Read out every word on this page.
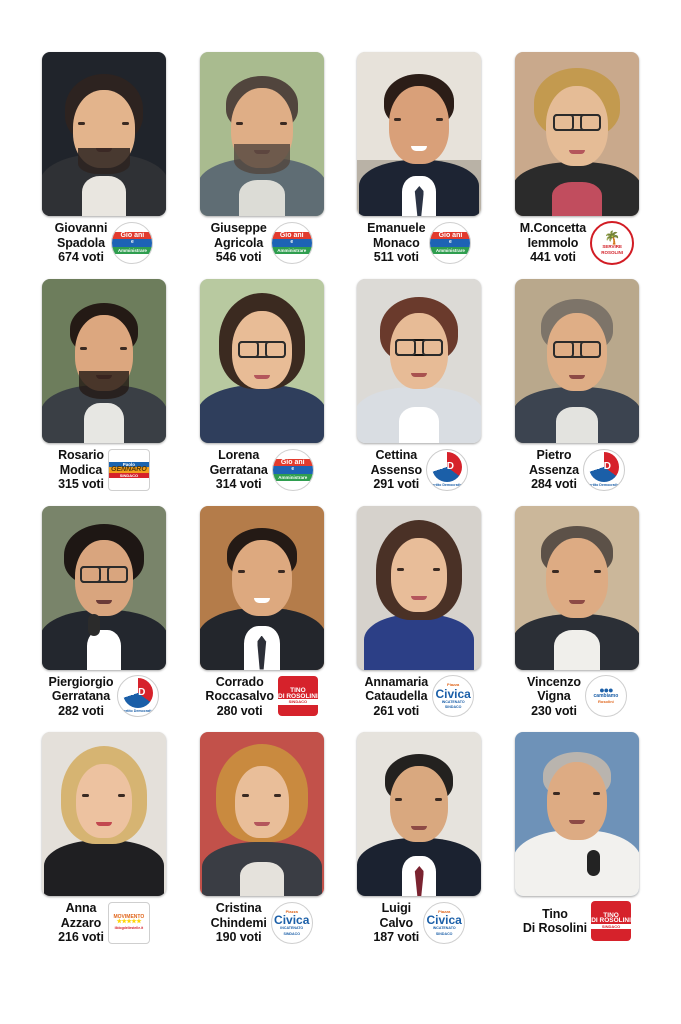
Giovanni
Spadola
674 voti
Gio ani
e
Amministrare
Giuseppe
Agricola
546 voti
Gio ani
e
Amministrare
Emanuele
Monaco
511 voti
Gio ani
e
Amministrare
M.Concetta
Iemmolo
441 voti
🌴
SERVIRE
ROSOLINI
Rosario
Modica
315 voti
Paolo
GENNARO
SINDACO
Lorena
Gerratana
314 voti
Gio ani
e
Amministrare
Cettina
Assenso
291 voti
PD
Partito Democratico
Pietro
Assenza
284 voti
PD
Partito Democratico
Piergiorgio
Gerratana
282 voti
PD
Partito Democratico
Corrado
Roccasalvo
280 voti
TINO
DI ROSOLINI
SINDACO
Annamaria
Cataudella
261 voti
Piazza
Civica
INCATENATO SINDACO
Vincenzo
Vigna
230 voti
●●●
cambiamo
Rosolini
Anna
Azzaro
216 voti
MOVIMENTO
★★★★★
ilblogdellestelle.it
Cristina
Chindemi
190 voti
Piazza
Civica
INCATENATO SINDACO
Luigi
Calvo
187 voti
Piazza
Civica
INCATENATO SINDACO
Tino
Di Rosolini
TINO
DI ROSOLINI
SINDACO
